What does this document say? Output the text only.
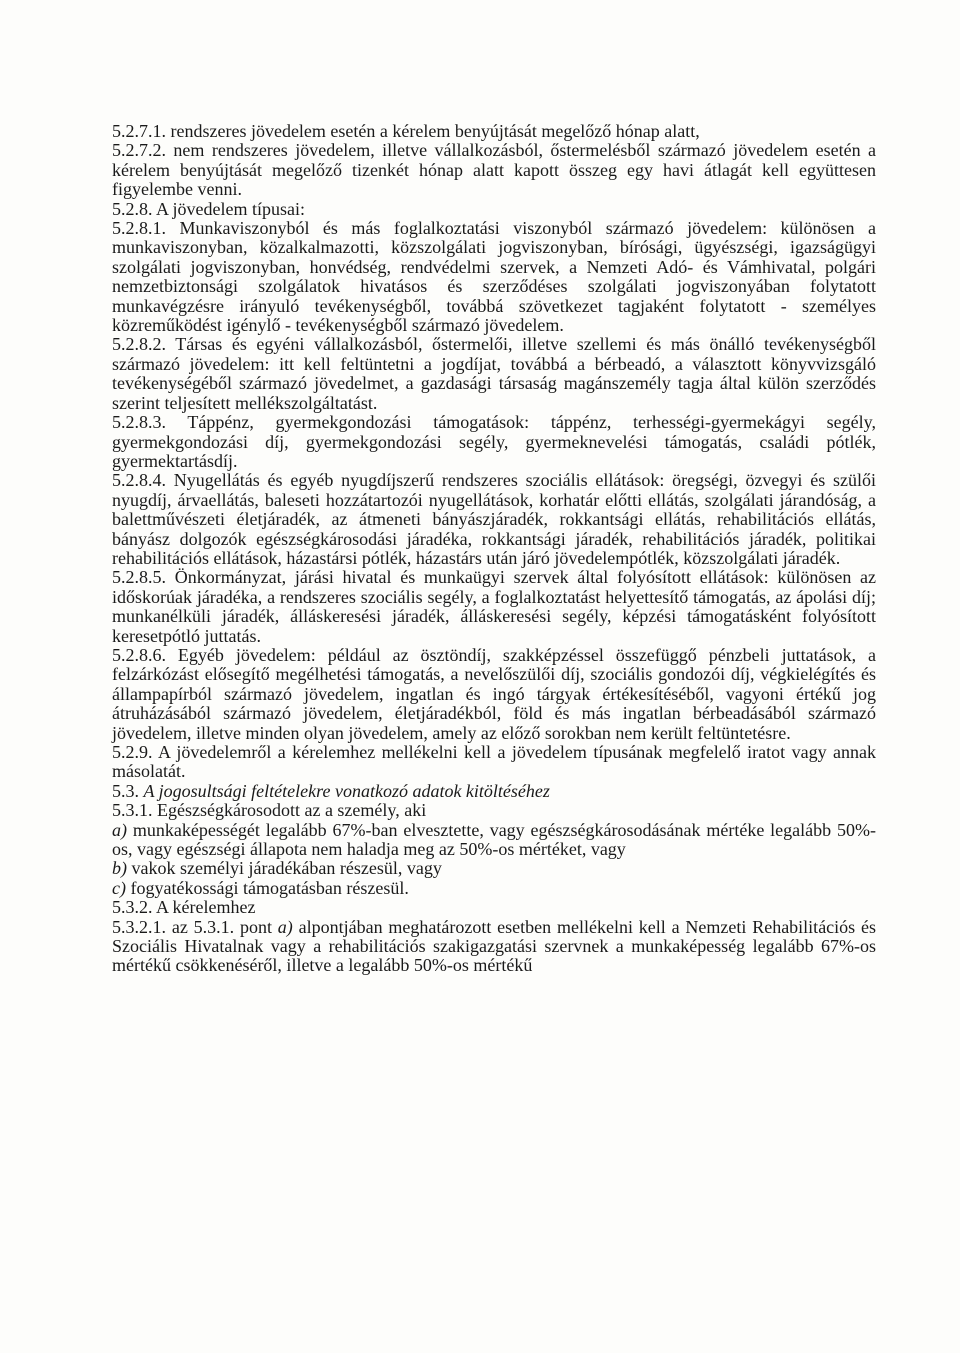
5.2.7.1. rendszeres jövedelem esetén a kérelem benyújtását megelőző hónap alatt,

5.2.7.2. nem rendszeres jövedelem, illetve vállalkozásból, őstermelésből származó jövedelem esetén a kérelem benyújtását megelőző tizenkét hónap alatt kapott összeg egy havi átlagát kell együttesen figyelembe venni.

5.2.8. A jövedelem típusai:

5.2.8.1. Munkaviszonyból és más foglalkoztatási viszonyból származó jövedelem: különösen a munkaviszonyban, közalkalmazotti, közszolgálati jogviszonyban, bírósági, ügyészségi, igazságügyi szolgálati jogviszonyban, honvédség, rendvédelmi szervek, a Nemzeti Adó- és Vámhivatal, polgári nemzetbiztonsági szolgálatok hivatásos és szerződéses szolgálati jogviszonyában folytatott munkavégzésre irányuló tevékenységből, továbbá szövetkezet tagjaként folytatott - személyes közreműködést igénylő - tevékenységből származó jövedelem.

5.2.8.2. Társas és egyéni vállalkozásból, őstermelői, illetve szellemi és más önálló tevékenységből származó jövedelem: itt kell feltüntetni a jogdíjat, továbbá a bérbeadó, a választott könyvvizsgáló tevékenységéből származó jövedelmet, a gazdasági társaság magánszemély tagja által külön szerződés szerint teljesített mellékszolgáltatást.

5.2.8.3. Táppénz, gyermekgondozási támogatások: táppénz, terhességi-gyermekágyi segély, gyermekgondozási díj, gyermekgondozási segély, gyermeknevelési támogatás, családi pótlék, gyermektartásdíj.

5.2.8.4. Nyugellátás és egyéb nyugdíjszerű rendszeres szociális ellátások: öregségi, özvegyi és szülői nyugdíj, árvaellátás, baleseti hozzátartozói nyugellátások, korhatár előtti ellátás, szolgálati járandóság, a balettművészeti életjáradék, az átmeneti bányászjáradék, rokkantsági ellátás, rehabilitációs ellátás, bányász dolgozók egészségkárosodási járadéka, rokkantsági járadék, rehabilitációs járadék, politikai rehabilitációs ellátások, házastársi pótlék, házastárs után járó jövedelempótlék, közszolgálati járadék.

5.2.8.5. Önkormányzat, járási hivatal és munkaügyi szervek által folyósított ellátások: különösen az időskorúak járadéka, a rendszeres szociális segély, a foglalkoztatást helyettesítő támogatás, az ápolási díj; munkanélküli járadék, álláskeresési járadék, álláskeresési segély, képzési támogatásként folyósított keresetpótló juttatás.

5.2.8.6. Egyéb jövedelem: például az ösztöndíj, szakképzéssel összefüggő pénzbeli juttatások, a felzárkózást elősegítő megélhetési támogatás, a nevelőszülői díj, szociális gondozói díj, végkielégítés és állampapírból származó jövedelem, ingatlan és ingó tárgyak értékesítéséből, vagyoni értékű jog átruházásából származó jövedelem, életjáradékból, föld és más ingatlan bérbeadásából származó jövedelem, illetve minden olyan jövedelem, amely az előző sorokban nem került feltüntetésre.

5.2.9. A jövedelemről a kérelemhez mellékelni kell a jövedelem típusának megfelelő iratot vagy annak másolatát.

5.3. A jogosultsági feltételekre vonatkozó adatok kitöltéséhez

5.3.1. Egészségkárosodott az a személy, aki

a) munkaképességét legalább 67%-ban elvesztette, vagy egészségkárosodásának mértéke legalább 50%-os, vagy egészségi állapota nem haladja meg az 50%-os mértéket, vagy

b) vakok személyi járadékában részesül, vagy

c) fogyatékossági támogatásban részesül.

5.3.2. A kérelemhez

5.3.2.1. az 5.3.1. pont a) alpontjában meghatározott esetben mellékelni kell a Nemzeti Rehabilitációs és Szociális Hivatalnak vagy a rehabilitációs szakigazgatási szervnek a munkaképesség legalább 67%-os mértékű csökkenéséről, illetve a legalább 50%-os mértékű
